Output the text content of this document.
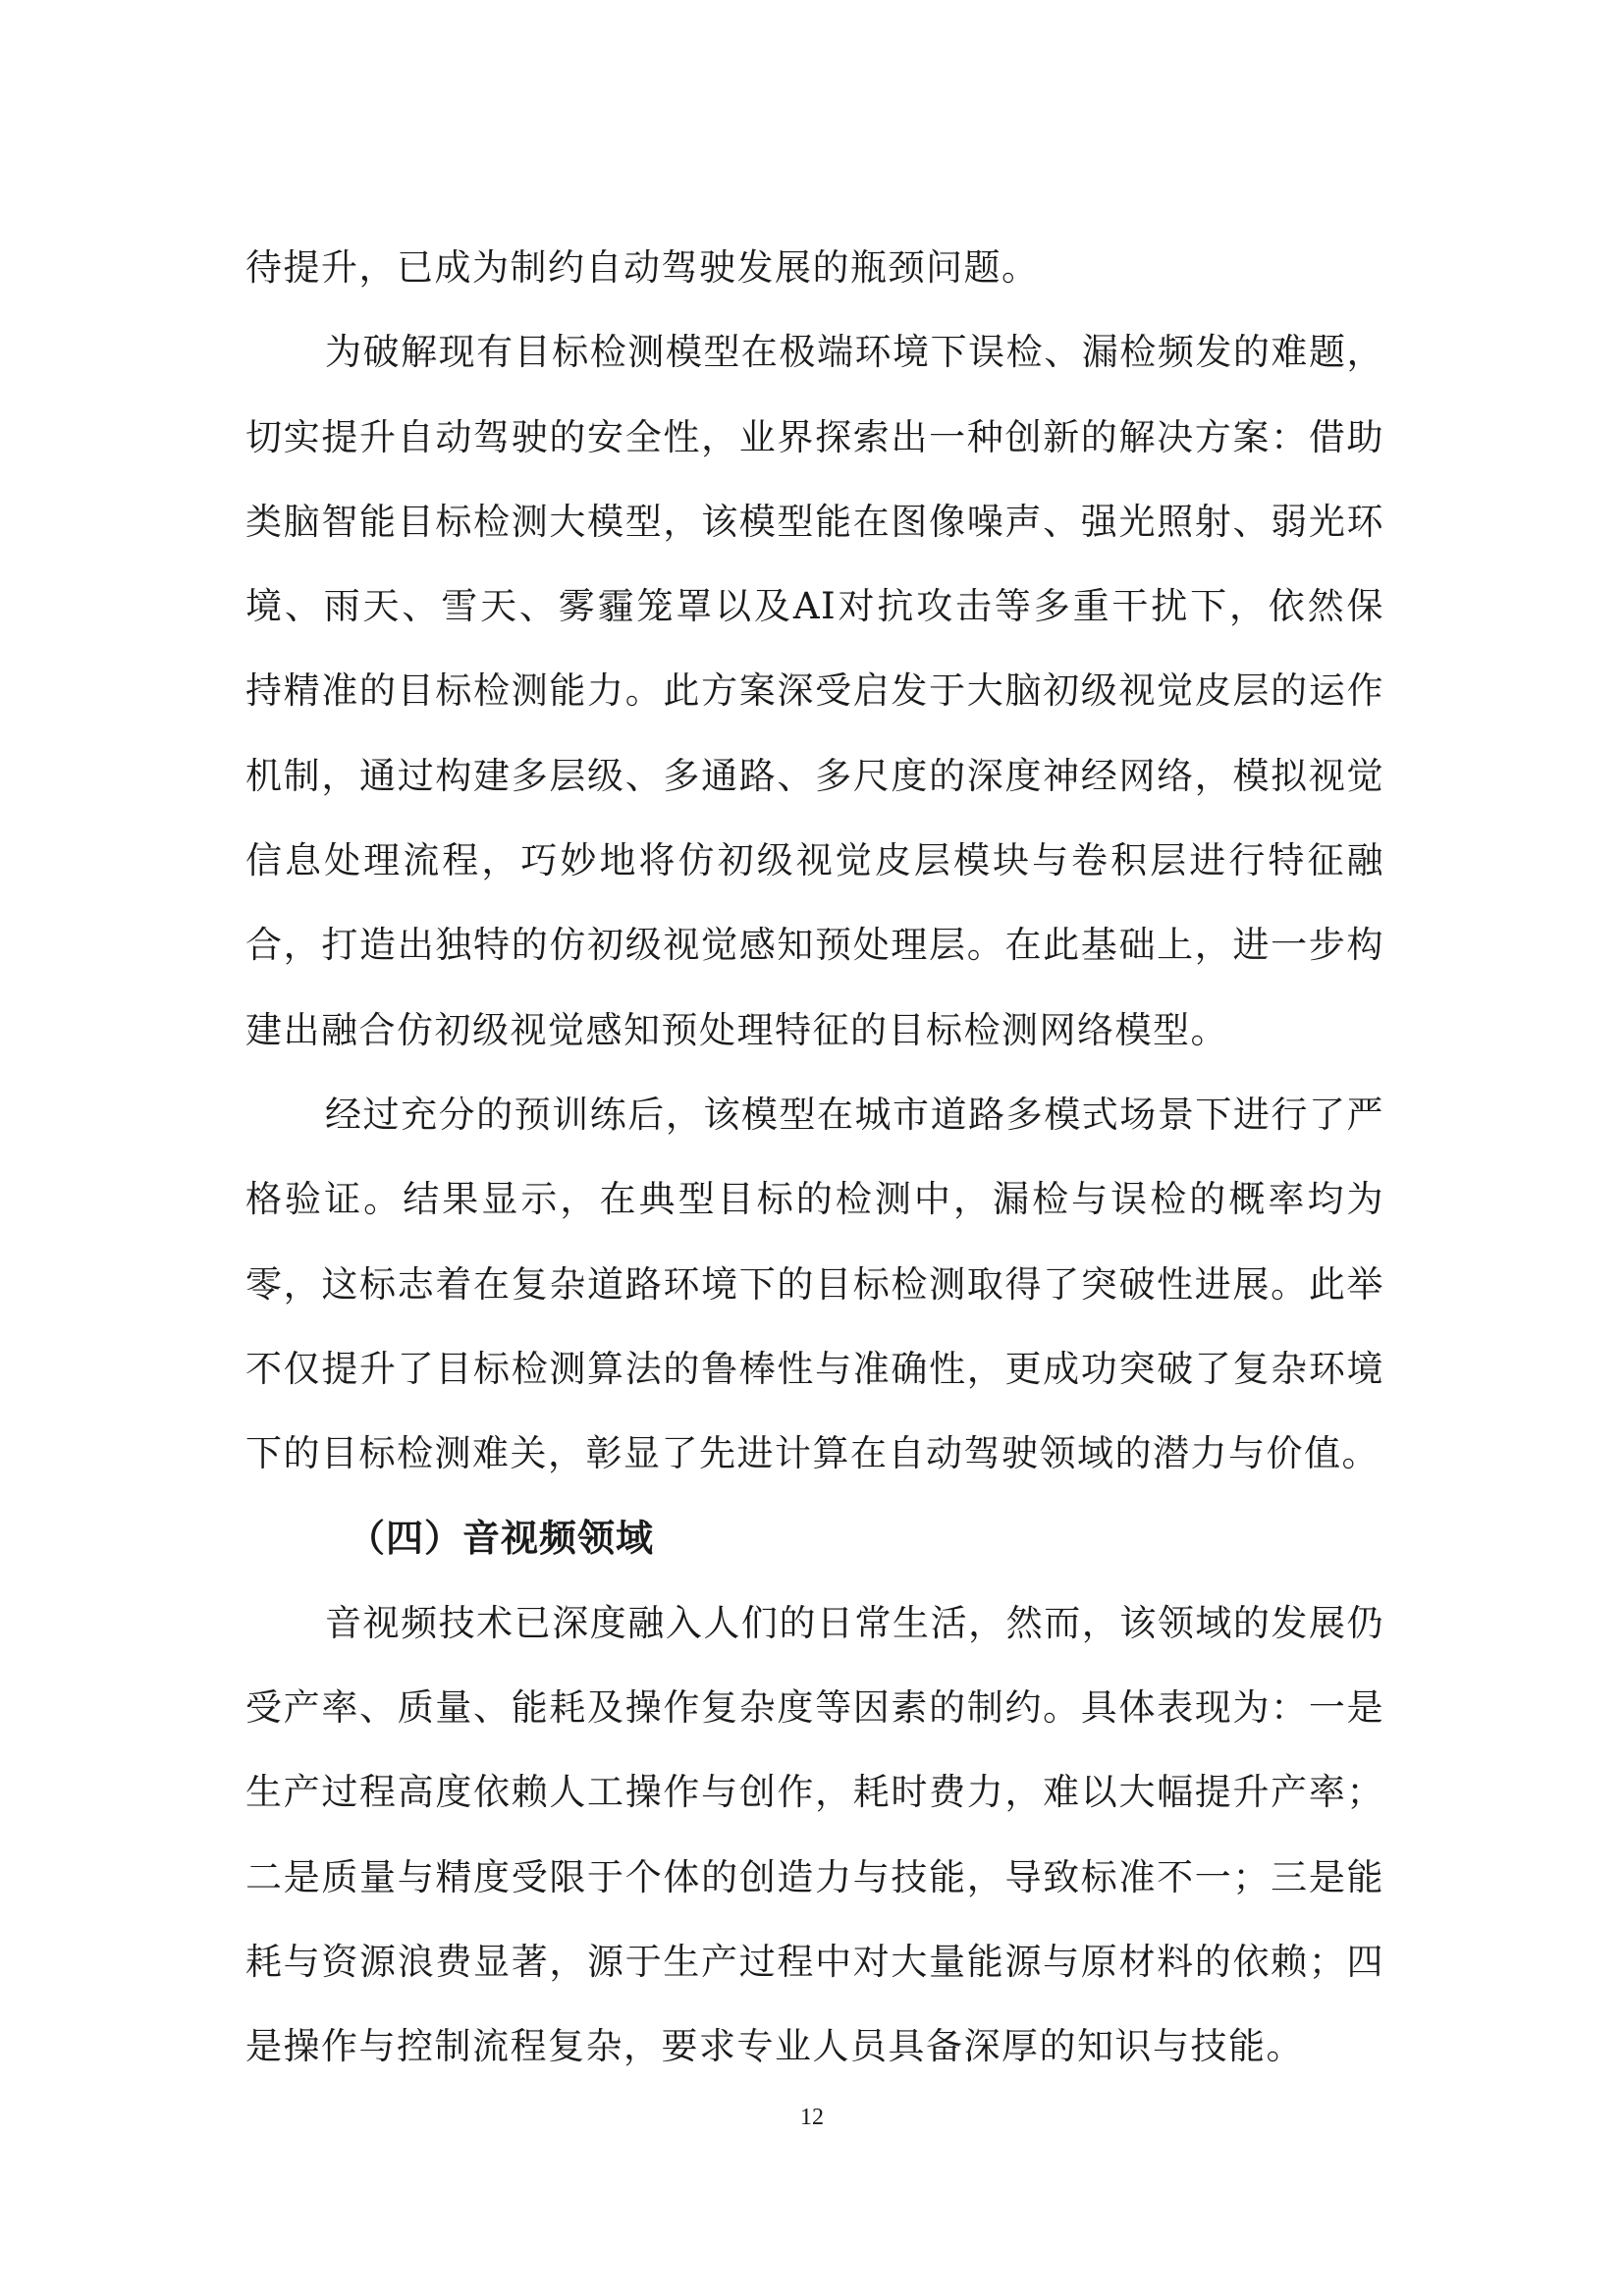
待提升，已成为制约自动驾驶发展的瓶颈问题。

为破解现有目标检测模型在极端环境下误检、漏检频发的难题，切实提升自动驾驶的安全性，业界探索出一种创新的解决方案：借助类脑智能目标检测大模型，该模型能在图像噪声、强光照射、弱光环境、雨天、雪天、雾霾笼罩以及AI对抗攻击等多重干扰下，依然保持精准的目标检测能力。此方案深受启发于大脑初级视觉皮层的运作机制，通过构建多层级、多通路、多尺度的深度神经网络，模拟视觉信息处理流程，巧妙地将仿初级视觉皮层模块与卷积层进行特征融合，打造出独特的仿初级视觉感知预处理层。在此基础上，进一步构建出融合仿初级视觉感知预处理特征的目标检测网络模型。

经过充分的预训练后，该模型在城市道路多模式场景下进行了严格验证。结果显示，在典型目标的检测中，漏检与误检的概率均为零，这标志着在复杂道路环境下的目标检测取得了突破性进展。此举不仅提升了目标检测算法的鲁棒性与准确性，更成功突破了复杂环境下的目标检测难关，彰显了先进计算在自动驾驶领域的潜力与价值。

（四）音视频领域

音视频技术已深度融入人们的日常生活，然而，该领域的发展仍受产率、质量、能耗及操作复杂度等因素的制约。具体表现为：一是生产过程高度依赖人工操作与创作，耗时费力，难以大幅提升产率；二是质量与精度受限于个体的创造力与技能，导致标准不一；三是能耗与资源浪费显著，源于生产过程中对大量能源与原材料的依赖；四是操作与控制流程复杂，要求专业人员具备深厚的知识与技能。

12
